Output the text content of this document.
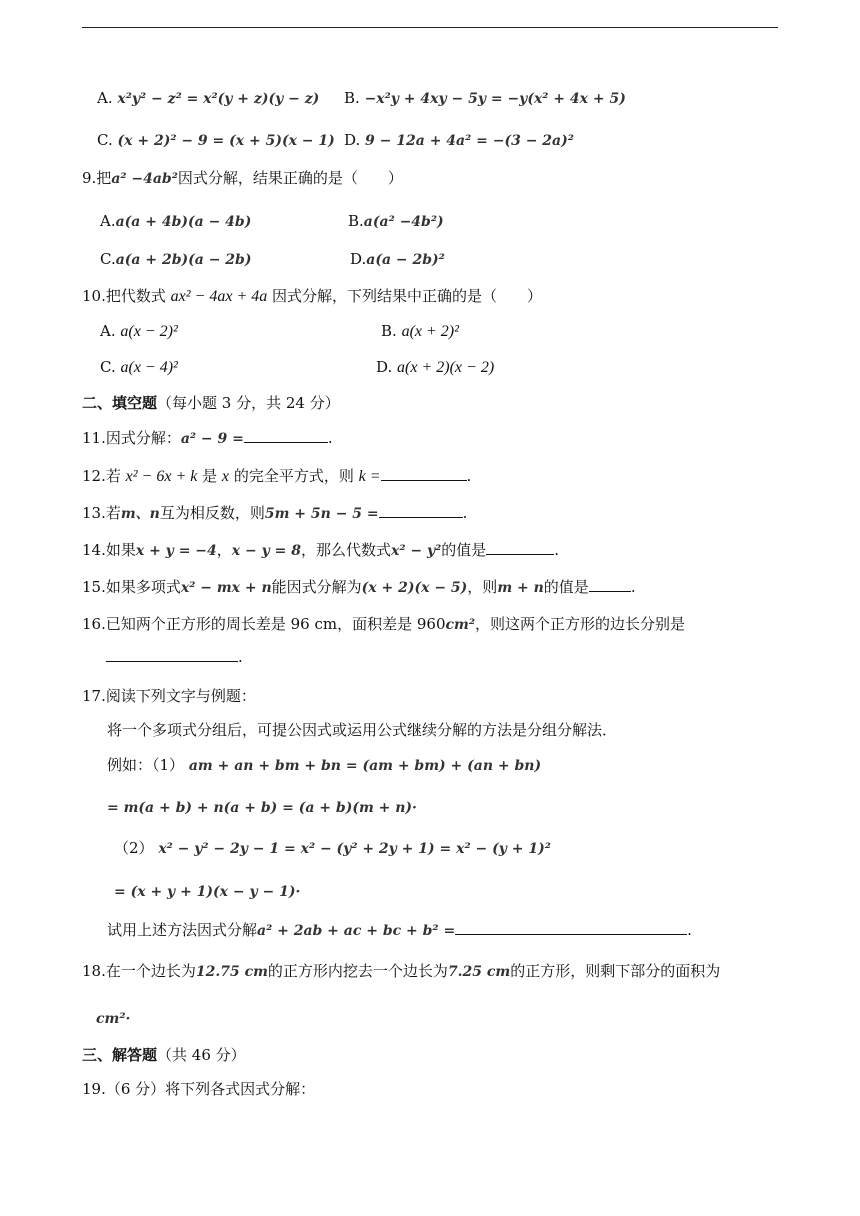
A. x²y² − z² = x²(y + z)(y − z) B. −x²y + 4xy − 5y = −y(x² + 4x + 5)
C. (x + 2)² − 9 = (x + 5)(x − 1) D. 9 − 12a + 4a² = −(3 − 2a)²
9.把a² −4ab²因式分解，结果正确的是（　　）
A.a(a + 4b)(a − 4b)	B.a(a² −4b²)
C.a(a + 2b)(a − 2b)	D.a(a − 2b)²
10.把代数式 ax² − 4ax + 4a 因式分解，下列结果中正确的是（　　）
A. a(x − 2)²	B. a(x + 2)²
C. a(x − 4)²	D. a(x + 2)(x − 2)
二、填空题（每小题 3 分，共 24 分）
11.因式分解：a² − 9 =	.
12.若 x² − 6x + k 是 x 的完全平方式，则 k =	.
13.若m、n互为相反数，则5m + 5n − 5 =	.
14.如果x + y = −4，x − y = 8，那么代数式x² − y²的值是	.
15.如果多项式x² − mx + n能因式分解为(x + 2)(x − 5)，则m + n的值是	.
16.已知两个正方形的周长差是 96 cm，面积差是 960cm²，则这两个正方形的边长分别是
.
17.阅读下列文字与例题：
将一个多项式分组后，可提公因式或运用公式继续分解的方法是分组分解法．
例如：（1） am + an + bm + bn = (am + bm) + (an + bn)
= m(a + b) + n(a + b) = (a + b)(m + n)·
（2） x² − y² − 2y − 1 = x² − (y² + 2y + 1) = x² − (y + 1)²
= (x + y + 1)(x − y − 1)·
试用上述方法因式分解a² + 2ab + ac + bc + b² =	.
18.在一个边长为12.75 cm的正方形内挖去一个边长为7.25 cm的正方形，则剩下部分的面积为
cm²·
三、解答题（共 46 分）
19.（6 分）将下列各式因式分解：
